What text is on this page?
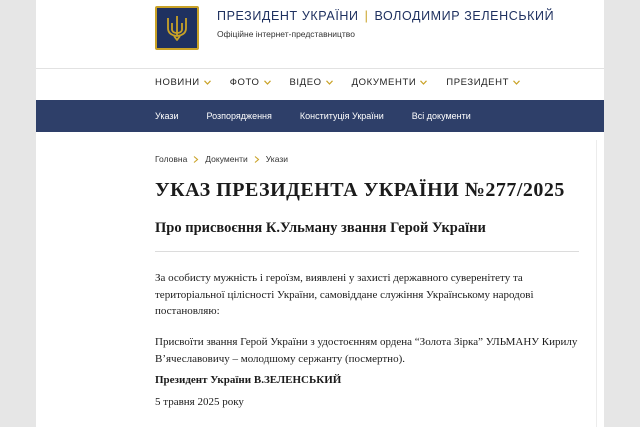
ПРЕЗИДЕНТ УКРАЇНИ | ВОЛОДИМИР ЗЕЛЕНСЬКИЙ
Офіційне інтернет-представництво
НОВИНИ	ФОТО	ВІДЕО	ДОКУМЕНТИ	ПРЕЗИДЕНТ
Укази	Розпорядження	Конституція України	Всі документи
Головна Документи Укази
УКАЗ ПРЕЗИДЕНТА УКРАЇНИ №277/2025
Про присвоєння К.Ульману звання Герой України

За особисту мужність і героїзм, виявлені у захисті державного суверенітету та територіальної цілісності України, самовіддане служіння Українському народові постановляю:

Присвоїти звання Герой України з удостоєнням ордена “Золота Зірка” УЛЬМАНУ Кирилу В’ячеславовичу – молодшому сержанту (посмертно).

Президент України В.ЗЕЛЕНСЬКИЙ

5 травня 2025 року
